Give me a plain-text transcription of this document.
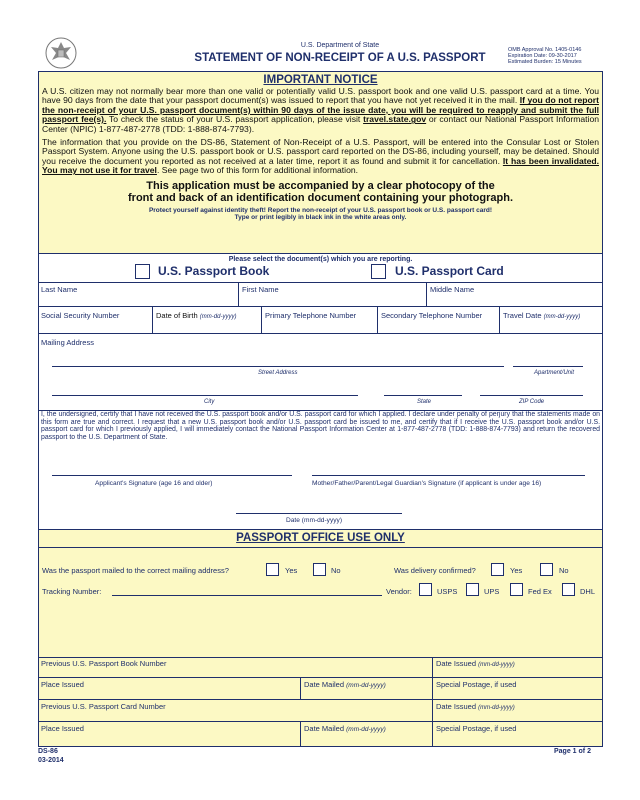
U.S. Department of State
STATEMENT OF NON-RECEIPT OF A U.S. PASSPORT
OMB Approval No. 1405-0146
Expiration Date: 09-30-2017
Estimated Burden: 15 Minutes
IMPORTANT NOTICE
A U.S. citizen may not normally bear more than one valid or potentially valid U.S. passport book and one valid U.S. passport card at a time. You have 90 days from the date that your passport document(s) was issued to report that you have not yet received it in the mail. If you do not report the non-receipt of your U.S. passport document(s) within 90 days of the issue date, you will be required to reapply and submit the full passport fee(s). To check the status of your U.S. passport application, please visit travel.state.gov or contact our National Passport Information Center (NPIC) 1-877-487-2778 (TDD: 1-888-874-7793).
The information that you provide on the DS-86, Statement of Non-Receipt of a U.S. Passport, will be entered into the Consular Lost or Stolen Passport System. Anyone using the U.S. passport book or U.S. passport card reported on the DS-86, including yourself, may be detained. Should you receive the document you reported as not received at a later time, report it as found and submit it for cancellation. It has been invalidated. You may not use it for travel. See page two of this form for additional information.
This application must be accompanied by a clear photocopy of the
front and back of an identification document containing your photograph.
Protect yourself against identity theft! Report the non-receipt of your U.S. passport book or U.S. passport card!
Type or print legibly in black ink in the white areas only.
Please select the document(s) which you are reporting.
U.S. Passport Book	U.S. Passport Card
Last Name	First Name	Middle Name
Social Security Number	Date of Birth (mm-dd-yyyy)	Primary Telephone Number	Secondary Telephone Number	Travel Date (mm-dd-yyyy)
Mailing Address
Street Address	Apartment/Unit
City	State	ZIP Code
I, the undersigned, certify that I have not received the U.S. passport book and/or U.S. passport card for which I applied. I declare under penalty of perjury that the statements made on this form are true and correct. I request that a new U.S. passport book and/or U.S. passport card be issued to me, and certify that if I receive the U.S. passport book and/or U.S. passport card for which I previously applied, I will immediately contact the National Passport Information Center at 1-877-487-2778 (TDD: 1-888-874-7793) and return the recovered passport to the U.S. Department of State.
Applicant's Signature (age 16 and older)	Mother/Father/Parent/Legal Guardian's Signature (if applicant is under age 16)
Date (mm-dd-yyyy)
PASSPORT OFFICE USE ONLY
Was the passport mailed to the correct mailing address?	Yes	No	Was delivery confirmed?	Yes	No
Tracking Number:	Vendor:	USPS	UPS	Fed Ex	DHL
Previous U.S. Passport Book Number	Date Issued (mm-dd-yyyy)
Place Issued	Date Mailed (mm-dd-yyyy)	Special Postage, if used
Previous U.S. Passport Card Number	Date Issued (mm-dd-yyyy)
Place Issued	Date Mailed (mm-dd-yyyy)	Special Postage, if used
DS-86
03-2014
Page 1 of 2
